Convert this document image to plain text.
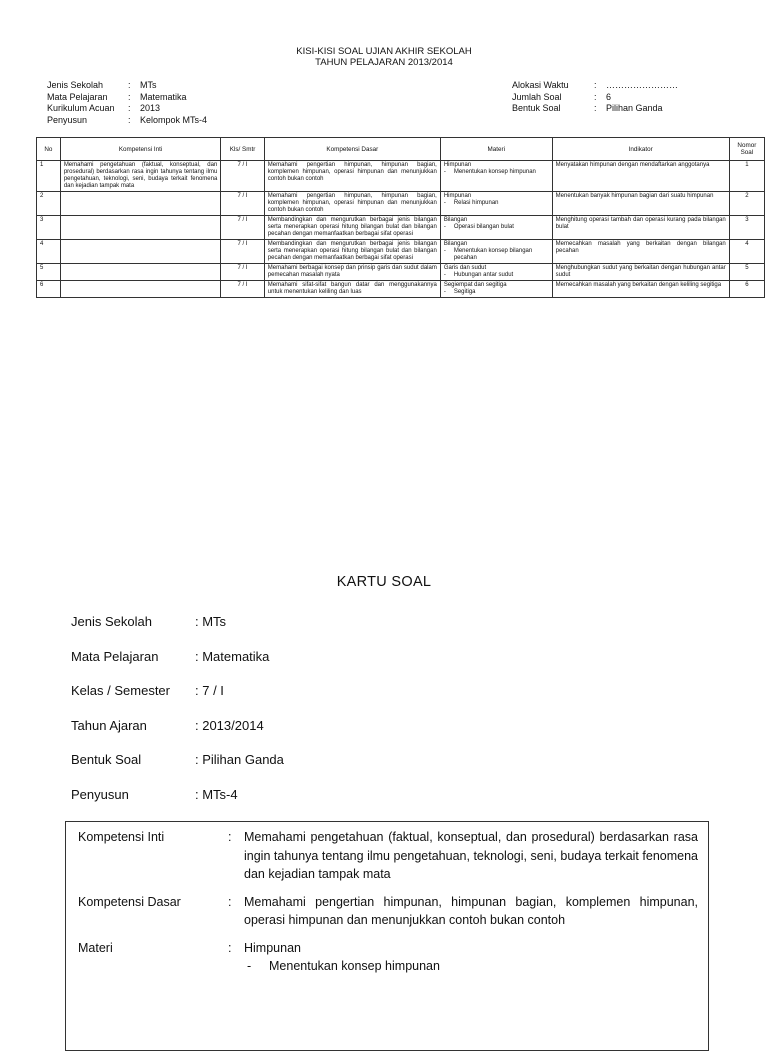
KISI-KISI SOAL UJIAN AKHIR SEKOLAH
TAHUN PELAJARAN 2013/2014
Jenis Sekolah	:	MTs
Mata Pelajaran	:	Matematika
Kurikulum Acuan	:	2013
Penyusun	:	Kelompok MTs-4
Alokasi Waktu	:	……………………
Jumlah Soal	:	6
Bentuk Soal	:	Pilihan Ganda
No	Kompetensi Inti	Kls/ Smtr	Kompetensi Dasar	Materi	Indikator	Nomor Soal
1	Memahami pengetahuan (faktual, konseptual, dan prosedural) berdasarkan rasa ingin tahunya tentang ilmu pengetahuan, teknologi, seni, budaya terkait fenomena dan kejadian tampak mata	7 / I	Memahami pengertian himpunan, himpunan bagian, komplemen himpunan, operasi himpunan dan menunjukkan contoh bukan contoh	Himpunan
- Menentukan konsep himpunan	Menyatakan himpunan dengan mendaftarkan anggotanya	1
2		7 / I	Memahami pengertian himpunan, himpunan bagian, komplemen himpunan, operasi himpunan dan menunjukkan contoh bukan contoh	Himpunan
- Relasi himpunan	Menentukan banyak himpunan bagian dari suatu himpunan	2
3		7 / I	Membandingkan dan mengurutkan berbagai jenis bilangan serta menerapkan operasi hitung bilangan bulat dan bilangan pecahan dengan memanfaatkan berbagai sifat operasi	Bilangan
- Operasi bilangan bulat	Menghitung operasi tambah dan operasi kurang pada bilangan bulat	3
4		7 / I	Membandingkan dan mengurutkan berbagai jenis bilangan serta menerapkan operasi hitung bilangan bulat dan bilangan pecahan dengan memanfaatkan berbagai sifat operasi	Bilangan
- Menentukan konsep bilangan pecahan	Memecahkan masalah yang berkaitan dengan bilangan pecahan	4
5		7 / I	Memahami berbagai konsep dan prinsip garis dan sudut dalam pemecahan masalah nyata	Garis dan sudut
- Hubungan antar sudut	Menghubungkan sudut yang berkaitan dengan hubungan antar sudut	5
6		7 / I	Memahami sifat-sifat bangun datar dan menggunakannya untuk menentukan keliling dan luas	Segiempat dan segitiga
- Segitiga	Memecahkan masalah yang berkaitan dengan keliling segitiga	6
KARTU SOAL
Jenis Sekolah	: MTs
Mata Pelajaran	: Matematika
Kelas / Semester	: 7 / I
Tahun Ajaran	: 2013/2014
Bentuk Soal	: Pilihan Ganda
Penyusun	: MTs-4
Kompetensi Inti	:	Memahami pengetahuan (faktual, konseptual, dan prosedural) berdasarkan rasa ingin tahunya tentang ilmu pengetahuan, teknologi, seni, budaya terkait fenomena dan kejadian tampak mata
Kompetensi Dasar	:	Memahami pengertian himpunan, himpunan bagian, komplemen himpunan, operasi himpunan dan menunjukkan contoh bukan contoh
Materi	:	Himpunan
-	Menentukan konsep himpunan
